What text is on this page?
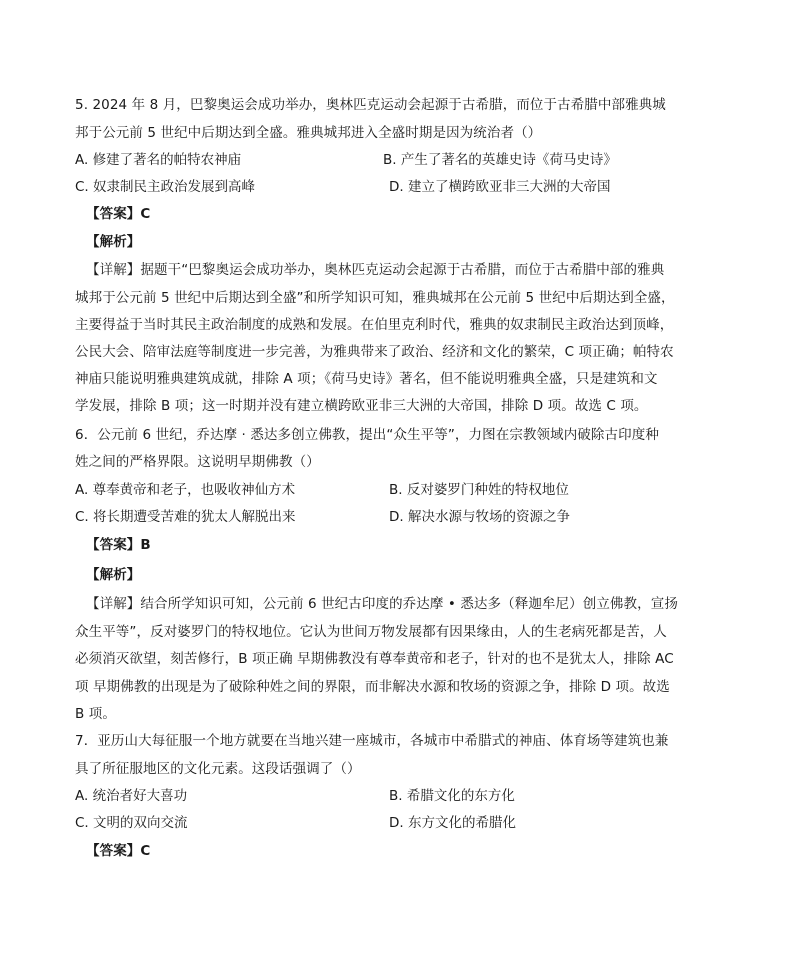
5. 2024 年 8 月，巴黎奥运会成功举办，奥林匹克运动会起源于古希腊，而位于古希腊中部雅典城
邦于公元前 5 世纪中后期达到全盛。雅典城邦进入全盛时期是因为统治者（）
A. 修建了著名的帕特农神庙	B. 产生了著名的英雄史诗《荷马史诗》
C. 奴隶制民主政治发展到高峰	D. 建立了横跨欧亚非三大洲的大帝国
【答案】C
【解析】
【详解】据题干“巴黎奥运会成功举办，奥林匹克运动会起源于古希腊，而位于古希腊中部的雅典
城邦于公元前 5 世纪中后期达到全盛”和所学知识可知，雅典城邦在公元前 5 世纪中后期达到全盛，
主要得益于当时其民主政治制度的成熟和发展。在伯里克利时代，雅典的奴隶制民主政治达到顶峰，
公民大会、陪审法庭等制度进一步完善，为雅典带来了政治、经济和文化的繁荣，C 项正确；帕特农
神庙只能说明雅典建筑成就，排除 A 项；《荷马史诗》著名，但不能说明雅典全盛，只是建筑和文
学发展，排除 B 项；这一时期并没有建立横跨欧亚非三大洲的大帝国，排除 D 项。故选 C 项。
6．公元前 6 世纪，乔达摩 · 悉达多创立佛教，提出“众生平等”，力图在宗教领域内破除古印度种
姓之间的严格界限。这说明早期佛教（）
A. 尊奉黄帝和老子，也吸收神仙方术	B. 反对婆罗门种姓的特权地位
C. 将长期遭受苦难的犹太人解脱出来	D. 解决水源与牧场的资源之争
【答案】B
【解析】
【详解】结合所学知识可知，公元前 6 世纪古印度的乔达摩 • 悉达多（释迦牟尼）创立佛教，宣扬
众生平等”，反对婆罗门的特权地位。它认为世间万物发展都有因果缘由，人的生老病死都是苦，人
必须消灭欲望，刻苦修行，B 项正确 早期佛教没有尊奉黄帝和老子，针对的也不是犹太人，排除 AC
项 早期佛教的出现是为了破除种姓之间的界限，而非解决水源和牧场的资源之争，排除 D 项。故选
B 项。
7．亚历山大每征服一个地方就要在当地兴建一座城市，各城市中希腊式的神庙、体育场等建筑也兼
具了所征服地区的文化元素。这段话强调了（）
A. 统治者好大喜功	B. 希腊文化的东方化
C. 文明的双向交流	D. 东方文化的希腊化
【答案】C
